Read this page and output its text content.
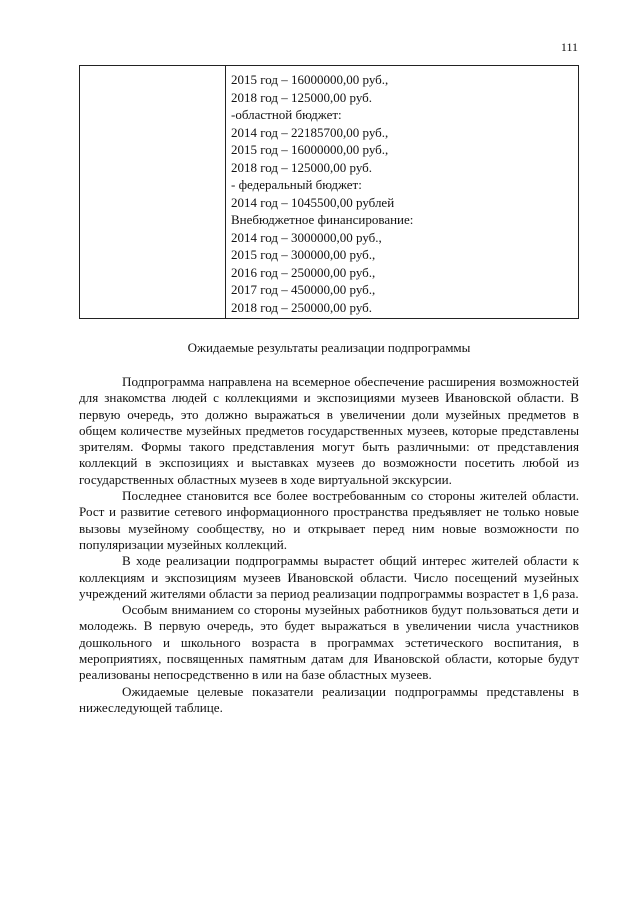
111
2015 год – 16000000,00 руб.,
2018 год – 125000,00 руб.
-областной бюджет:
2014 год – 22185700,00 руб.,
2015 год – 16000000,00 руб.,
2018 год – 125000,00 руб.
- федеральный бюджет:
2014 год – 1045500,00 рублей
Внебюджетное финансирование:
2014 год – 3000000,00 руб.,
2015 год – 300000,00 руб.,
2016 год – 250000,00 руб.,
2017 год – 450000,00 руб.,
2018 год – 250000,00 руб.
Ожидаемые результаты реализации подпрограммы

Подпрограмма направлена на всемерное обеспечение расширения возможностей для знакомства людей с коллекциями и экспозициями музеев Ивановской области. В первую очередь, это должно выражаться в увеличении доли музейных предметов в общем количестве музейных предметов государственных музеев, которые представлены зрителям. Формы такого представления могут быть различными: от представления коллекций в экспозициях и выставках музеев до возможности посетить любой из государственных областных музеев в ходе виртуальной экскурсии.

Последнее становится все более востребованным со стороны жителей области. Рост и развитие сетевого информационного пространства предъявляет не только новые вызовы музейному сообществу, но и открывает перед ним новые возможности по популяризации музейных коллекций.

В ходе реализации подпрограммы вырастет общий интерес жителей области к коллекциям и экспозициям музеев Ивановской области. Число посещений музейных учреждений жителями области за период реализации подпрограммы возрастет в 1,6 раза.

Особым вниманием со стороны музейных работников будут пользоваться дети и молодежь. В первую очередь, это будет выражаться в увеличении числа участников дошкольного и школьного возраста в программах эстетического воспитания, в мероприятиях, посвященных памятным датам для Ивановской области, которые будут реализованы непосредственно в или на базе областных музеев.

Ожидаемые целевые показатели реализации подпрограммы представлены в нижеследующей таблице.
